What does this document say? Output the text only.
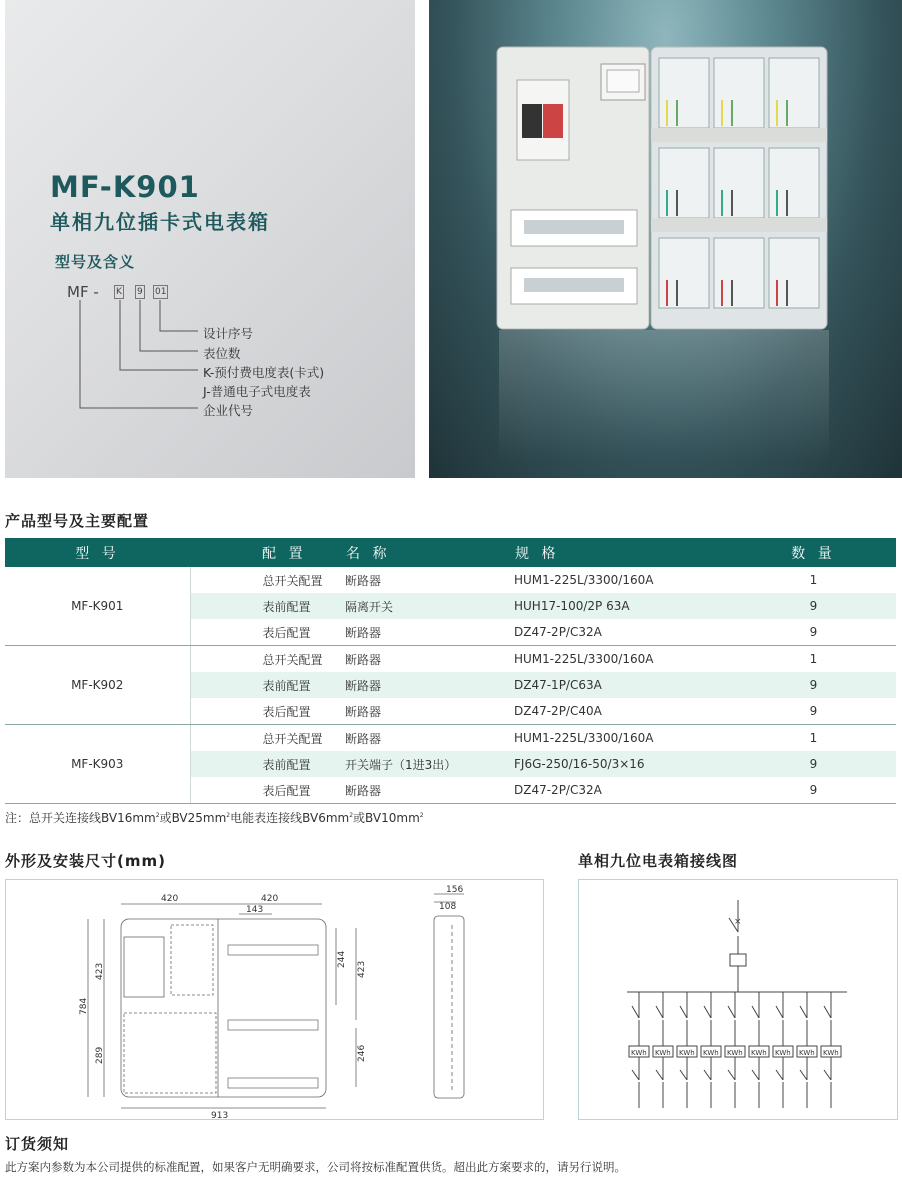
MF-K901
单相九位插卡式电表箱
型号及含义
MF - K 9 01
设计序号
表位数
K-预付费电度表(卡式)
J-普通电子式电度表
企业代号
产品型号及主要配置
型 号	配 置	名 称	规 格	数 量
MF-K901	总开关配置	断路器	HUM1-225L/3300/160A	1
	表前配置	隔离开关	HUH17-100/2P 63A	9
	表后配置	断路器	DZ47-2P/C32A	9
MF-K902	总开关配置	断路器	HUM1-225L/3300/160A	1
	表前配置	断路器	DZ47-1P/C63A	9
	表后配置	断路器	DZ47-2P/C40A	9
MF-K903	总开关配置	断路器	HUM1-225L/3300/160A	1
	表前配置	开关端子（1进3出）	FJ6G-250/16-50/3×16	9
	表后配置	断路器	DZ47-2P/C32A	9
注：总开关连接线$BV16mm^2$或$BV25mm^2$电能表连接线$BV6mm^2$或$BV10mm^2$
外形及安装尺寸(mm)
420	420
143
913
784
423
289
244
423
246
156
108
单相九位电表箱接线图
×
KWh KWh KWh KWh KWh KWh KWh KWh KWh
订货须知
此方案内参数为本公司提供的标准配置，如果客户无明确要求，公司将按标准配置供货。超出此方案要求的，请另行说明。
